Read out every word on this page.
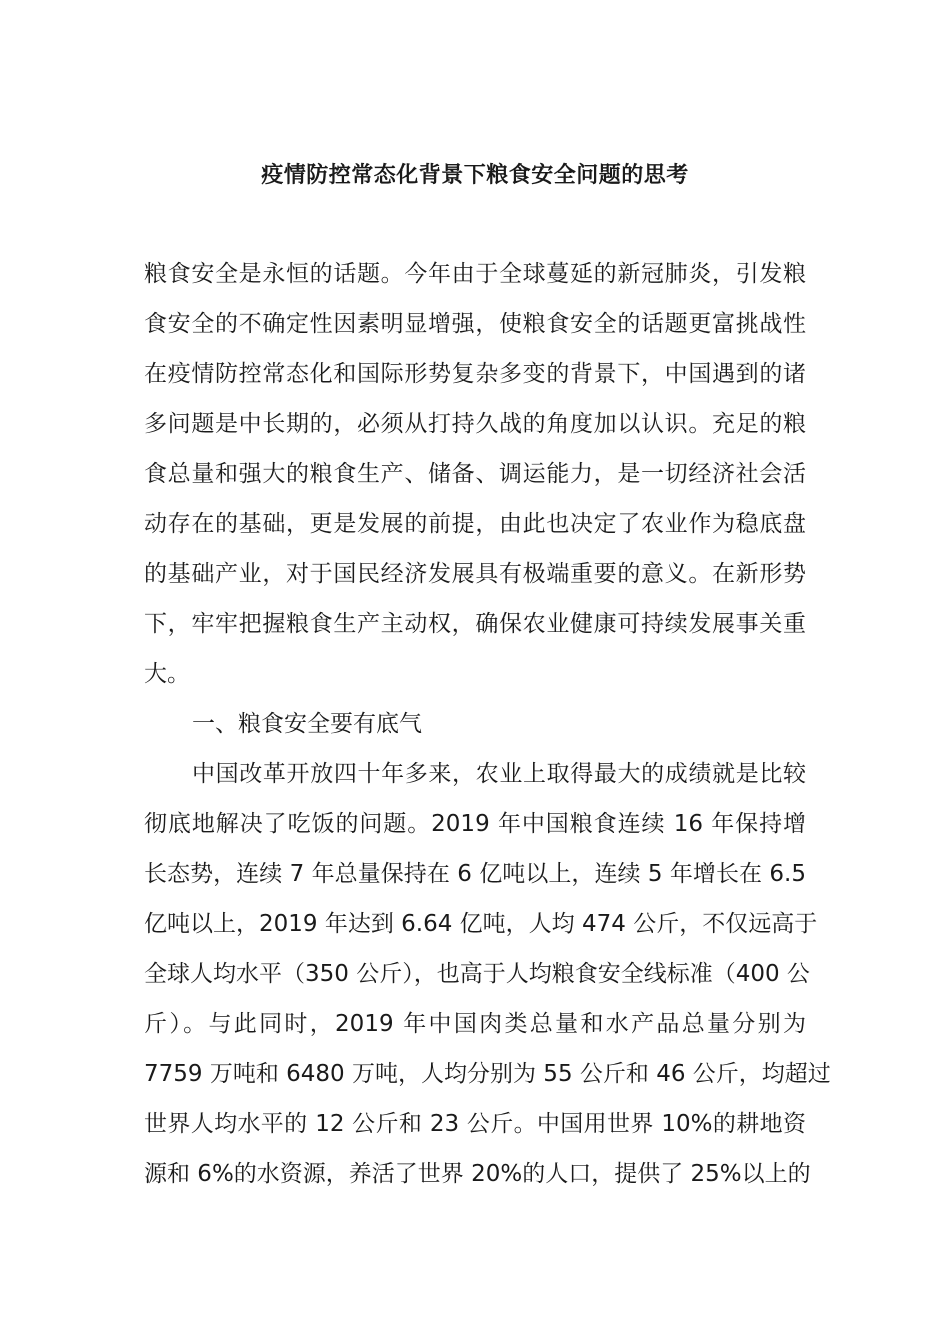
疫情防控常态化背景下粮食安全问题的思考
粮食安全是永恒的话题。今年由于全球蔓延的新冠肺炎，引发粮
食安全的不确定性因素明显增强，使粮食安全的话题更富挑战性
在疫情防控常态化和国际形势复杂多变的背景下，中国遇到的诸
多问题是中长期的，必须从打持久战的角度加以认识。充足的粮
食总量和强大的粮食生产、储备、调运能力，是一切经济社会活
动存在的基础，更是发展的前提，由此也决定了农业作为稳底盘
的基础产业，对于国民经济发展具有极端重要的意义。在新形势
下，牢牢把握粮食生产主动权，确保农业健康可持续发展事关重
大。
一、粮食安全要有底气
中国改革开放四十年多来，农业上取得最大的成绩就是比较
彻底地解决了吃饭的问题。2019 年中国粮食连续 16 年保持增
长态势，连续 7 年总量保持在 6 亿吨以上，连续 5 年增长在 6.5
亿吨以上，2019 年达到 6.64 亿吨，人均 474 公斤，不仅远高于
全球人均水平（350 公斤），也高于人均粮食安全线标准（400 公
斤）。与此同时，2019 年中国肉类总量和水产品总量分别为
7759 万吨和 6480 万吨，人均分别为 55 公斤和 46 公斤，均超过
世界人均水平的 12 公斤和 23 公斤。中国用世界 10%的耕地资
源和 6%的水资源，养活了世界 20%的人口，提供了 25%以上的
